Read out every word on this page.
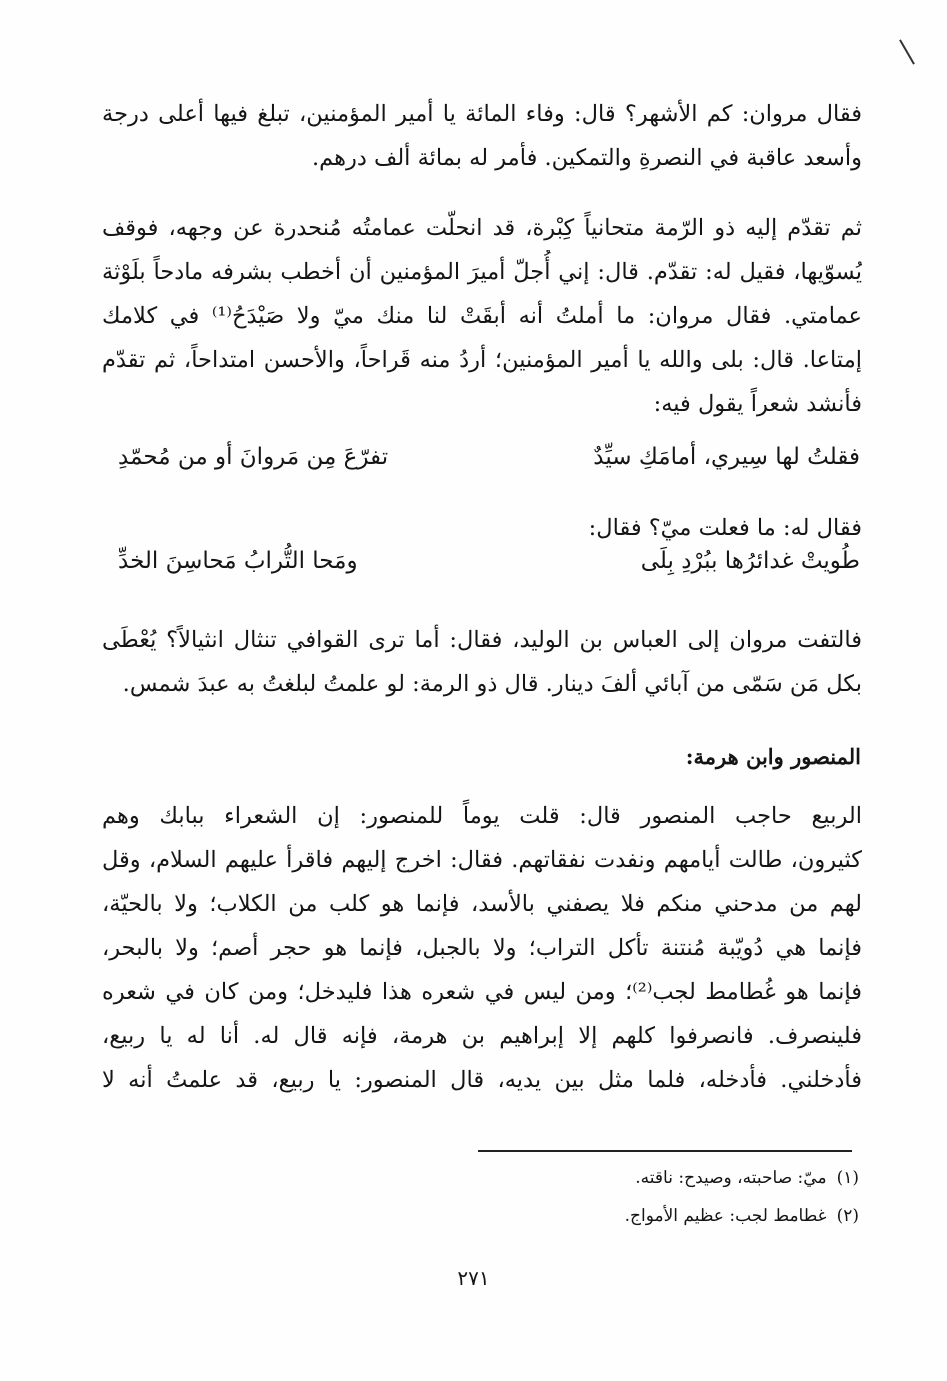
فقال مروان: كم الأشهر؟ قال: وفاء المائة يا أمير المؤمنين، تبلغ فيها أعلى درجة
وأسعد عاقبة في النصرةِ والتمكين. فأمر له بمائة ألف درهم.
ثم تقدّم إليه ذو الرّمة متحانياً كِبْرة، قد انحلّت عمامتُه مُنحدرة عن وجهه، فوقف
يُسوّيها، فقيل له: تقدّم. قال: إني أُجلّ أميرَ المؤمنين أن أخطب بشرفه مادحاً بلَوْثة
عمامتي. فقال مروان: ما أملتُ أنه أبقَتْ لنا منك ميّ ولا صَيْدَحُ⁽¹⁾ في كلامك
إمتاعا. قال: بلى والله يا أمير المؤمنين؛ أردُ منه قَراحاً، والأحسن امتداحاً، ثم تقدّم
فأنشد شعراً يقول فيه:
فقلتُ لها سِيري، أمامَكِ سيِّدٌ
تفرّعَ مِن مَروانَ أو من مُحمّدِ
فقال له: ما فعلت ميّ؟ فقال:
طُويتْ غدائرُها ببُرْدِ بِلَى
ومَحا التُّرابُ مَحاسِنَ الخدِّ
فالتفت مروان إلى العباس بن الوليد، فقال: أما ترى القوافي تنثال انثيالاً؟ يُعْطَى
بكل مَن سَمّى من آبائي ألفَ دينار. قال ذو الرمة: لو علمتُ لبلغتُ به عبدَ شمس.
المنصور وابن هرمة:
الربيع حاجب المنصور قال: قلت يوماً للمنصور: إن الشعراء ببابك وهم
كثيرون، طالت أيامهم ونفدت نفقاتهم. فقال: اخرج إليهم فاقرأ عليهم السلام، وقل
لهم من مدحني منكم فلا يصفني بالأسد، فإنما هو كلب من الكلاب؛ ولا بالحيّة،
فإنما هي دُويّبة مُنتنة تأكل التراب؛ ولا بالجبل، فإنما هو حجر أصم؛ ولا بالبحر،
فإنما هو غُطامط لجب⁽²⁾؛ ومن ليس في شعره هذا فليدخل؛ ومن كان في شعره
فلينصرف. فانصرفوا كلهم إلا إبراهيم بن هرمة، فإنه قال له. أنا له يا ربيع،
فأدخلني. فأدخله، فلما مثل بين يديه، قال المنصور: يا ربيع، قد علمتُ أنه لا
(١)ميّ: صاحبته، وصيدح: ناقته.
(٢)غطامط لجب: عظيم الأمواج.
٢٧١
